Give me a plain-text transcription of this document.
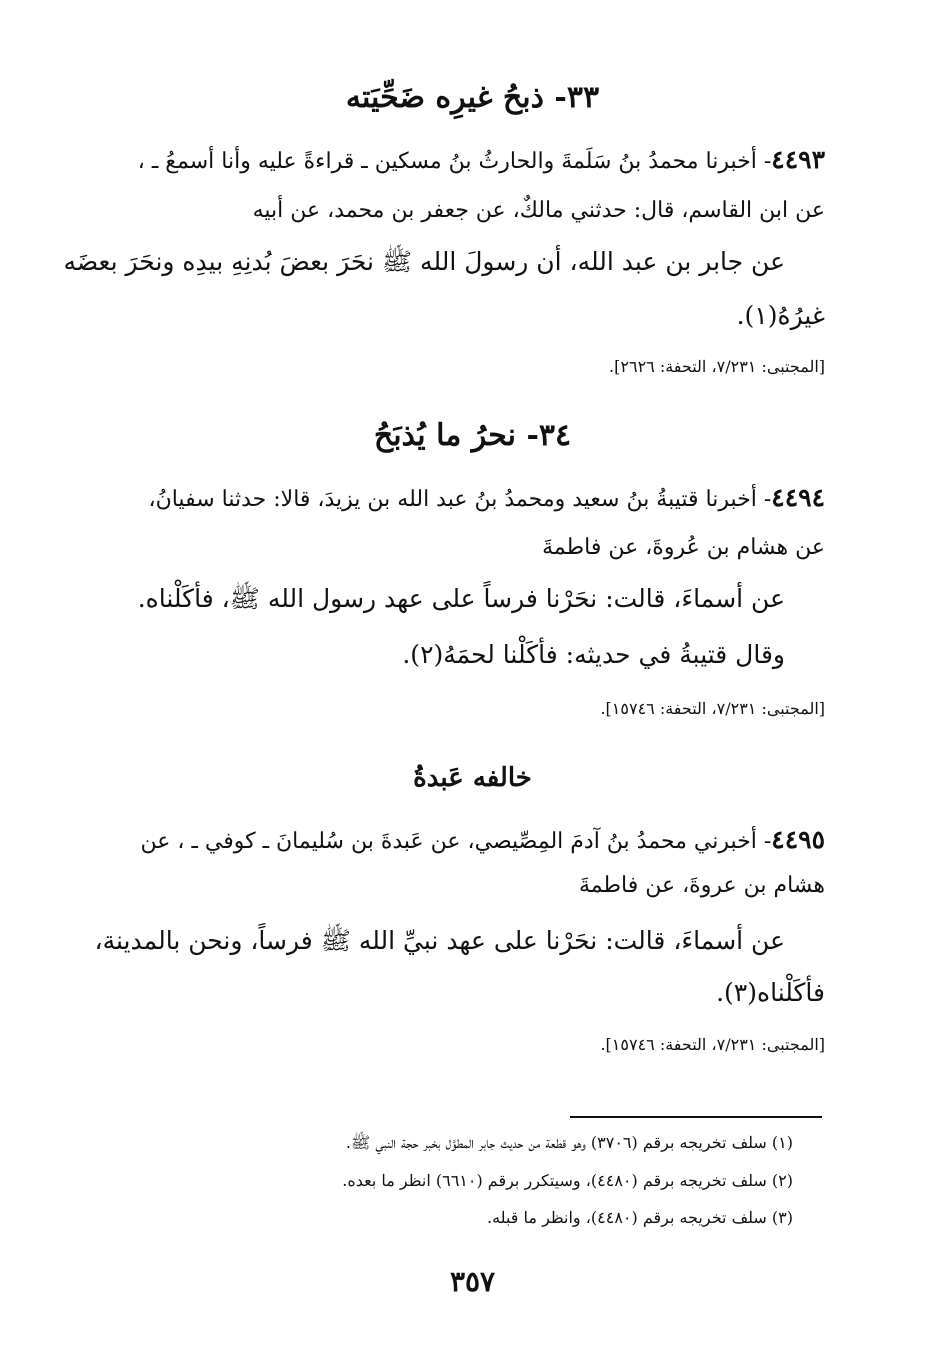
٣٣- ذبحُ غيرِه ضَحِّيَته

٤٤٩٣- أخبرنا محمدُ بنُ سَلَمةَ والحارثُ بنُ مسكين ـ قراءةً عليه وأنا أسمعُ ـ ،

عن ابن القاسم، قال: حدثني مالكٌ، عن جعفر بن محمد، عن أبيه

عن جابر بن عبد الله، أن رسولَ الله ﷺ نحَرَ بعضَ بُدنِهِ بيدِه ونحَرَ بعضَه

غيرُهُ(١).

[المجتبى: ٧/٢٣١، التحفة: ٢٦٢٦].
٣٤- نحرُ ما يُذبَحُ

٤٤٩٤- أخبرنا قتيبةُ بنُ سعيد ومحمدُ بنُ عبد الله بن يزيدَ، قالا: حدثنا سفيانُ،

عن هشام بن عُروةَ، عن فاطمةَ

عن أسماءَ، قالت: نحَرْنا فرساً على عهد رسول الله ﷺ، فأكَلْناه.

وقال قتيبةُ في حديثه: فأكَلْنا لحمَهُ(٢).

[المجتبى: ٧/٢٣١، التحفة: ١٥٧٤٦].
خالفه عَبدةُ

٤٤٩٥- أخبرني محمدُ بنُ آدمَ المِصِّيصي، عن عَبدةَ بن سُليمانَ ـ كوفي ـ ، عن

هشام بن عروةَ، عن فاطمةَ

عن أسماءَ، قالت: نحَرْنا على عهد نبيِّ الله ﷺ فرساً، ونحن بالمدينة،

فأكَلْناه(٣).

[المجتبى: ٧/٢٣١، التحفة: ١٥٧٤٦].
(١) سلف تخريجه برقم (٣٧٠٦) وهو قطعة من حديث جابر المطوَّل بخبر حجة النبي ﷺ.
(٢) سلف تخريجه برقم (٤٤٨٠)، وسيتكرر برقم (٦٦١٠) انظر ما بعده.
(٣) سلف تخريجه برقم (٤٤٨٠)، وانظر ما قبله.
٣٥٧
